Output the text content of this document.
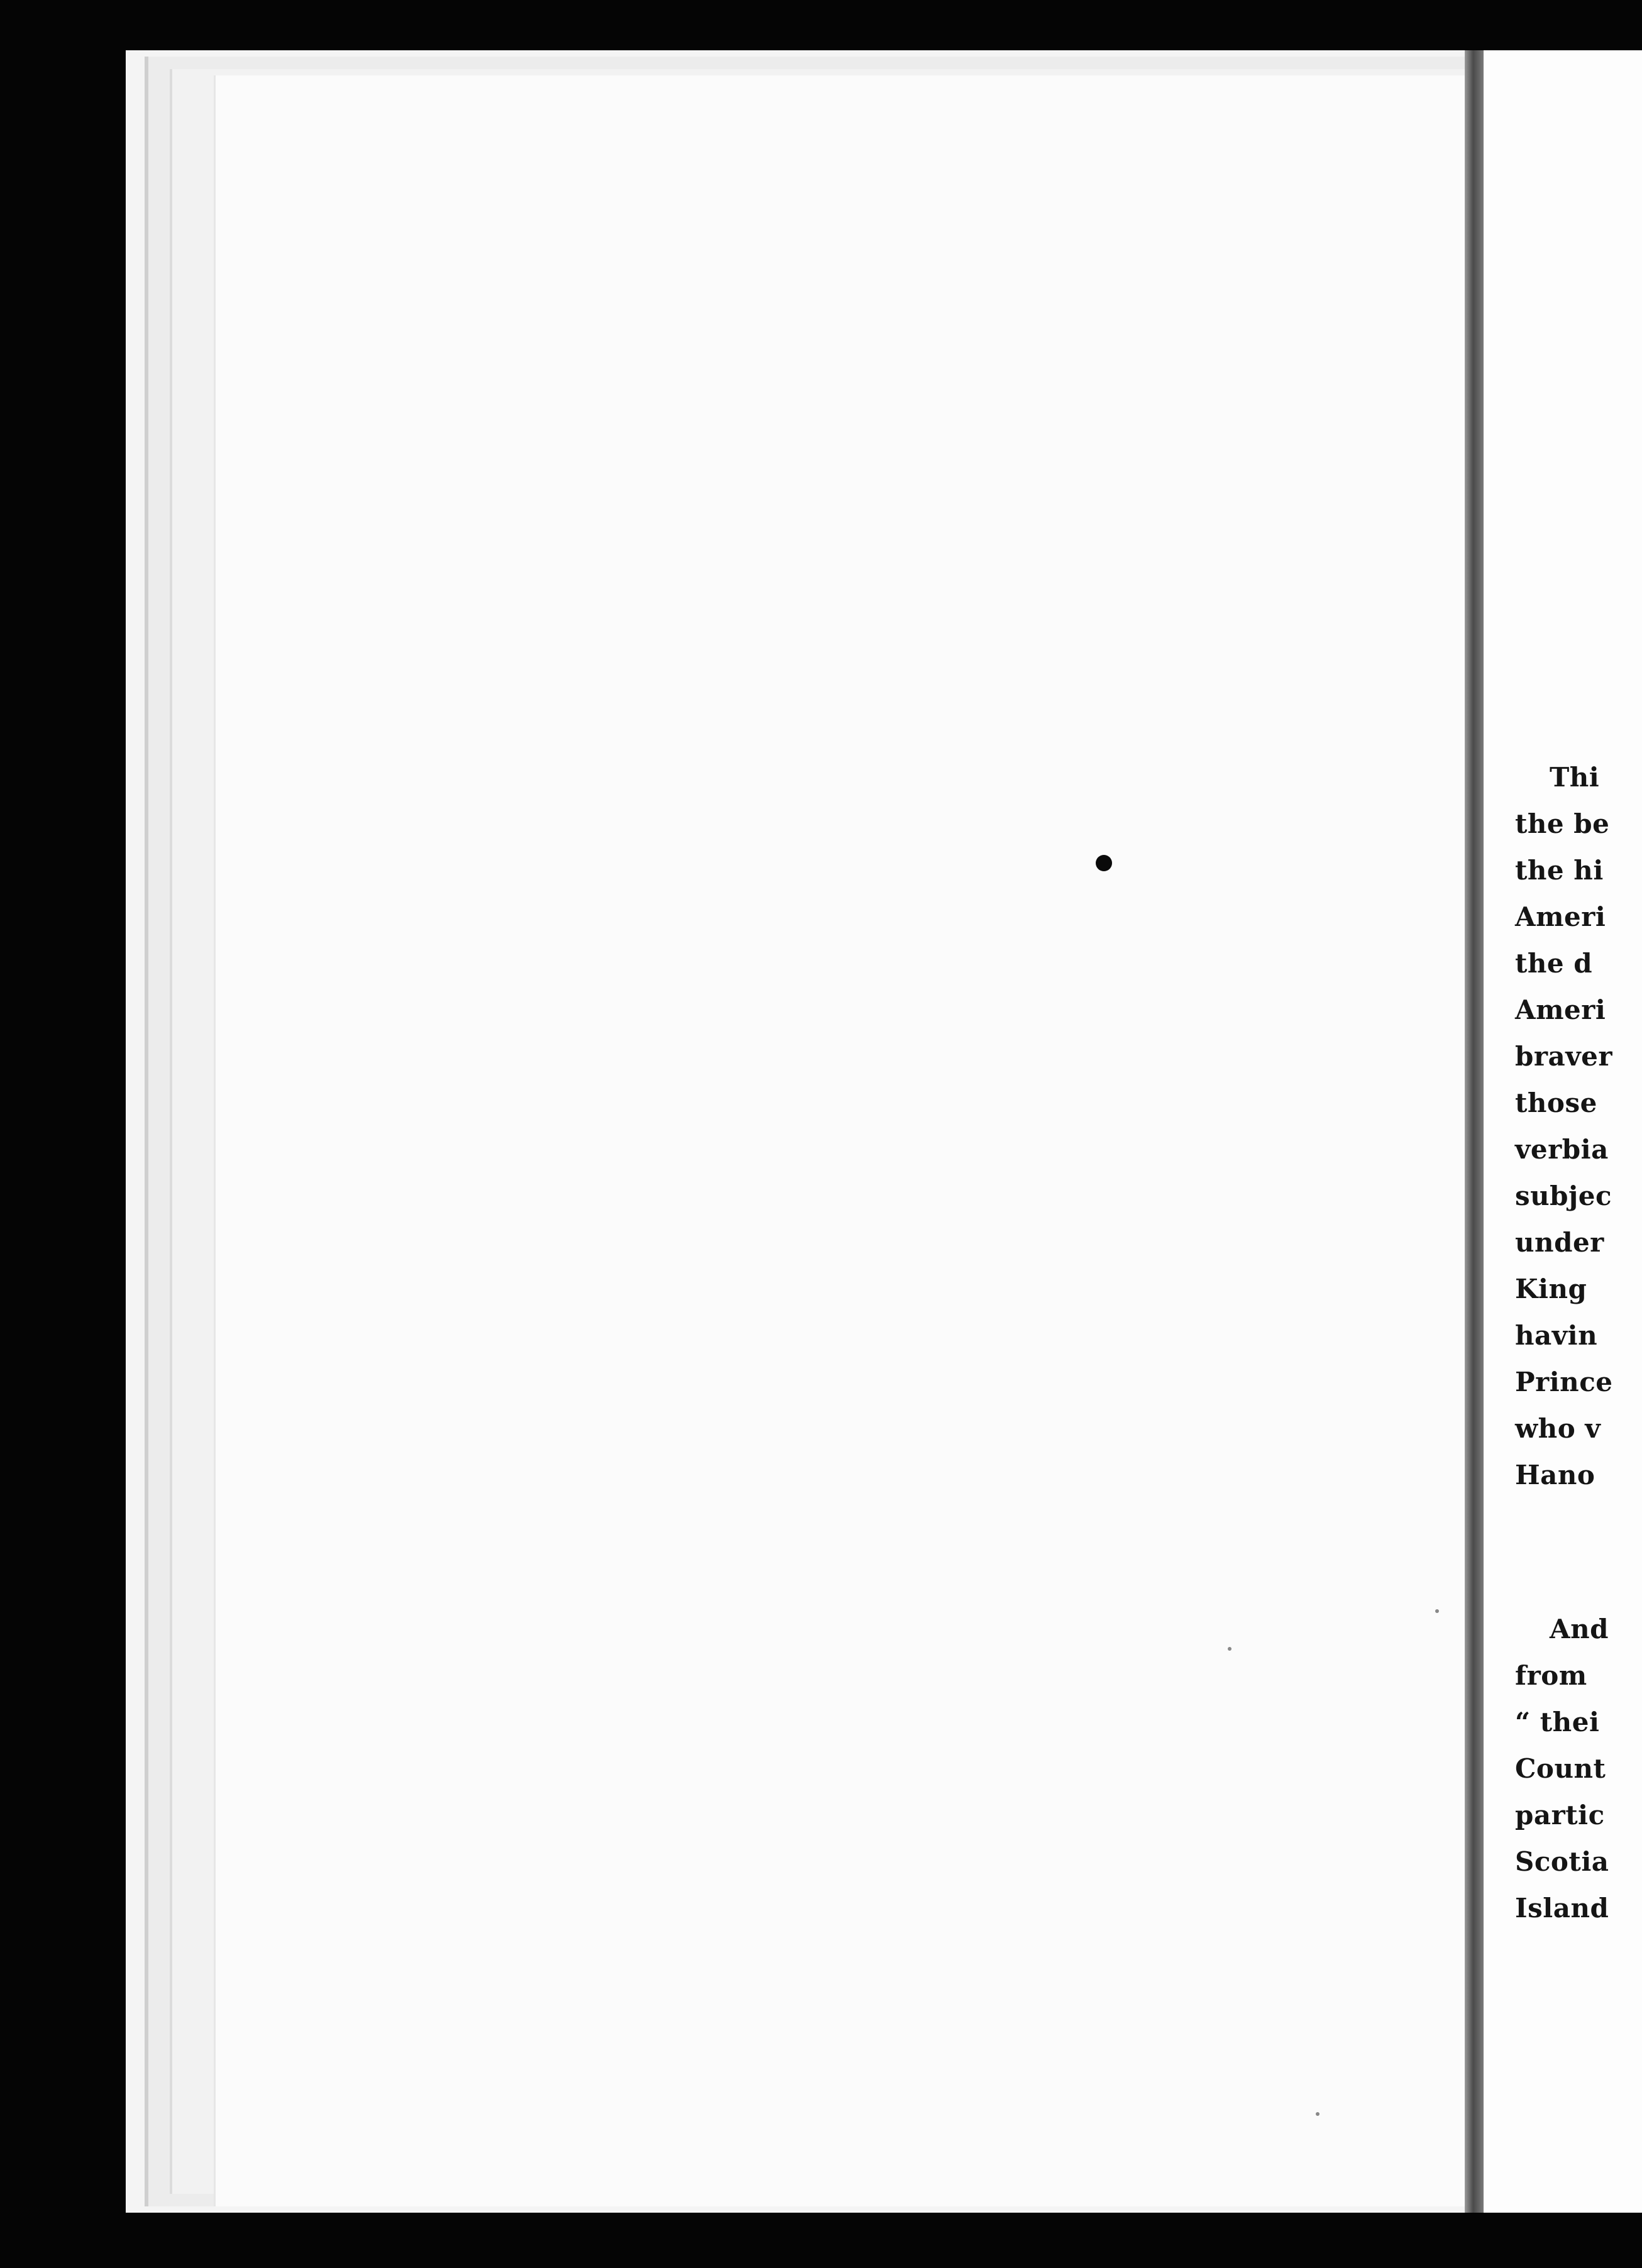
Thi
the be
the hi
Ameri
the d
Ameri
braver
those
verbia
subjec
under
King
havin
Prince
who v
Hano
And
from
“ thei
Count
partic
Scotia
Island
